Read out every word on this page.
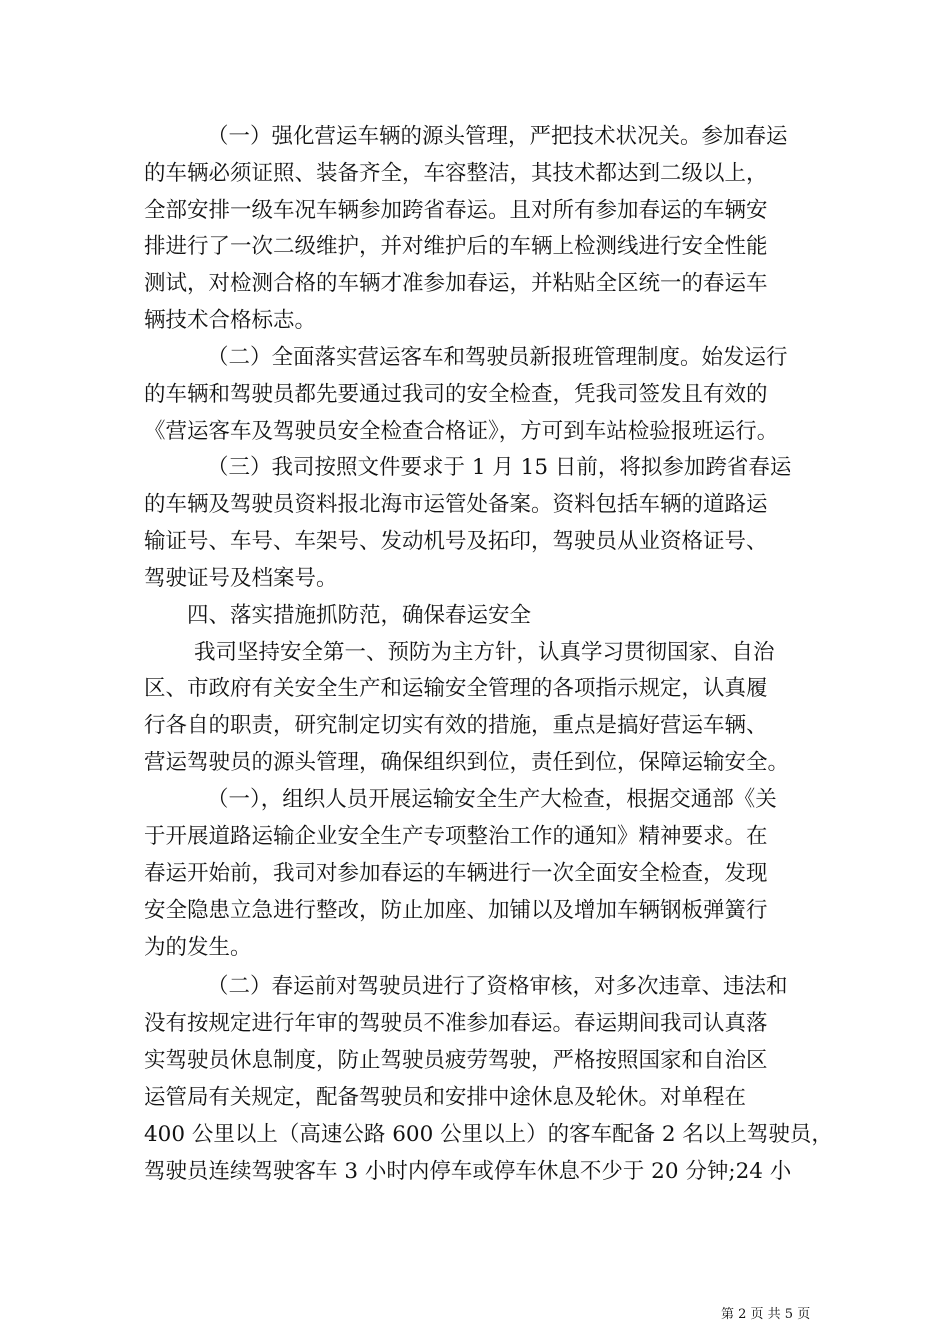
（一）强化营运车辆的源头管理，严把技术状况关。参加春运
的车辆必须证照、装备齐全，车容整洁，其技术都达到二级以上，
全部安排一级车况车辆参加跨省春运。且对所有参加春运的车辆安
排进行了一次二级维护，并对维护后的车辆上检测线进行安全性能
测试，对检测合格的车辆才准参加春运，并粘贴全区统一的春运车
辆技术合格标志。
（二）全面落实营运客车和驾驶员新报班管理制度。始发运行
的车辆和驾驶员都先要通过我司的安全检查，凭我司签发且有效的
《营运客车及驾驶员安全检查合格证》，方可到车站检验报班运行。
（三）我司按照文件要求于 1 月 15 日前，将拟参加跨省春运
的车辆及驾驶员资料报北海市运管处备案。资料包括车辆的道路运
输证号、车号、车架号、发动机号及拓印，驾驶员从业资格证号、
驾驶证号及档案号。
四、落实措施抓防范，确保春运安全
我司坚持安全第一、预防为主方针，认真学习贯彻国家、自治
区、市政府有关安全生产和运输安全管理的各项指示规定，认真履
行各自的职责，研究制定切实有效的措施，重点是搞好营运车辆、
营运驾驶员的源头管理，确保组织到位，责任到位，保障运输安全。
（一），组织人员开展运输安全生产大检查，根据交通部《关
于开展道路运输企业安全生产专项整治工作的通知》精神要求。在
春运开始前，我司对参加春运的车辆进行一次全面安全检查，发现
安全隐患立急进行整改，防止加座、加铺以及增加车辆钢板弹簧行
为的发生。
（二）春运前对驾驶员进行了资格审核，对多次违章、违法和
没有按规定进行年审的驾驶员不准参加春运。春运期间我司认真落
实驾驶员休息制度，防止驾驶员疲劳驾驶，严格按照国家和自治区
运管局有关规定，配备驾驶员和安排中途休息及轮休。对单程在
400 公里以上（高速公路 600 公里以上）的客车配备 2 名以上驾驶员，
驾驶员连续驾驶客车 3 小时内停车或停车休息不少于 20 分钟;24 小
第 2 页 共 5 页
